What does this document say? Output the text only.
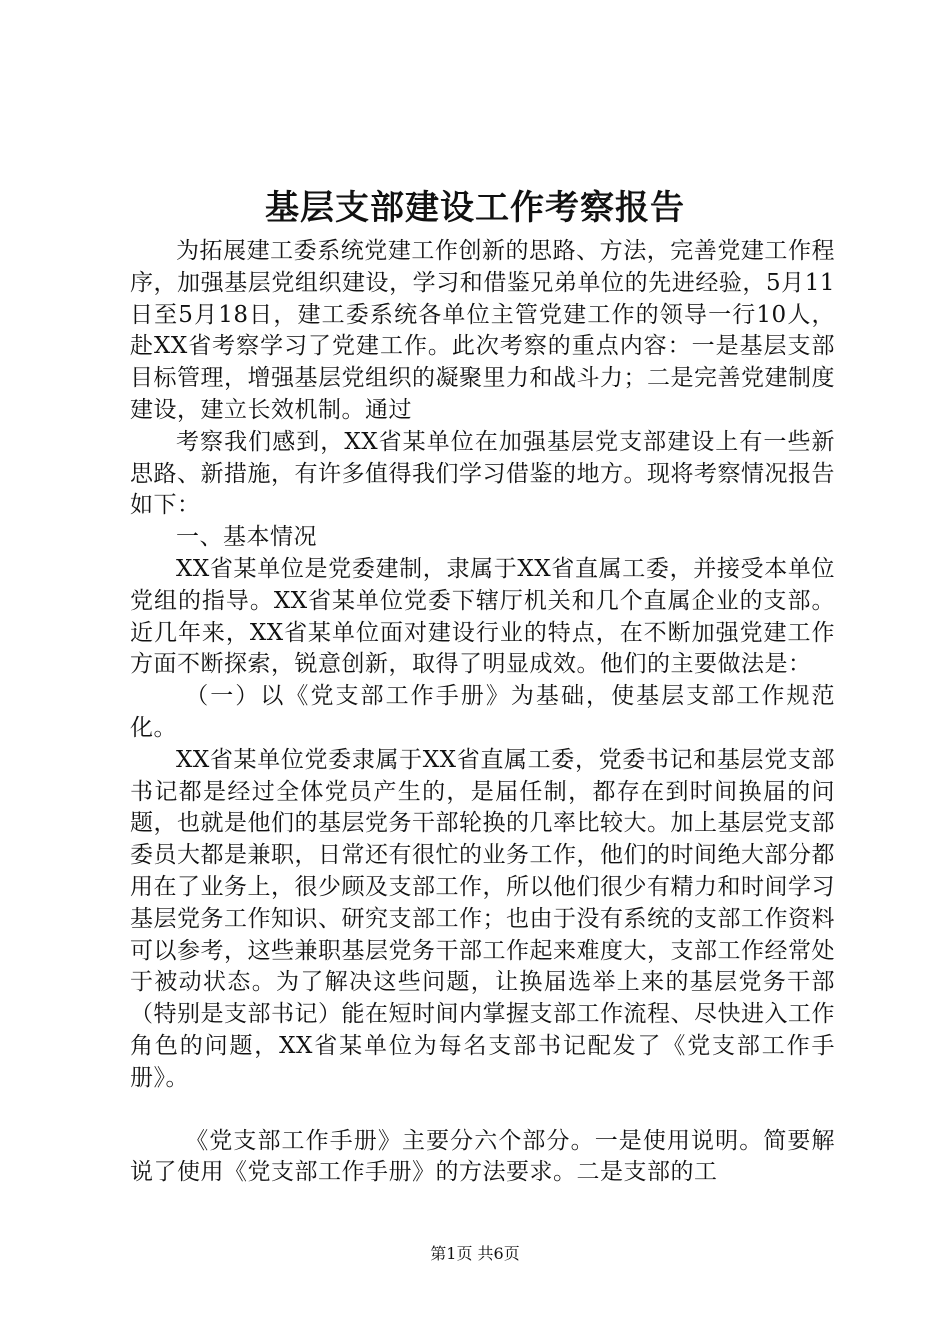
基层支部建设工作考察报告

为拓展建工委系统党建工作创新的思路、方法，完善党建工作程序，加强基层党组织建设，学习和借鉴兄弟单位的先进经验，5月11日至5月18日，建工委系统各单位主管党建工作的领导一行10人，赴XX省考察学习了党建工作。此次考察的重点内容：一是基层支部目标管理，增强基层党组织的凝聚里力和战斗力；二是完善党建制度建设，建立长效机制。通过

考察我们感到，XX省某单位在加强基层党支部建设上有一些新思路、新措施，有许多值得我们学习借鉴的地方。现将考察情况报告如下：

一、基本情况

XX省某单位是党委建制，隶属于XX省直属工委，并接受本单位党组的指导。XX省某单位党委下辖厅机关和几个直属企业的支部。近几年来，XX省某单位面对建设行业的特点，在不断加强党建工作方面不断探索，锐意创新，取得了明显成效。他们的主要做法是：

（一）以《党支部工作手册》为基础，使基层支部工作规范化。

XX省某单位党委隶属于XX省直属工委，党委书记和基层党支部书记都是经过全体党员产生的，是届任制，都存在到时间换届的问题，也就是他们的基层党务干部轮换的几率比较大。加上基层党支部委员大都是兼职，日常还有很忙的业务工作，他们的时间绝大部分都用在了业务上，很少顾及支部工作，所以他们很少有精力和时间学习基层党务工作知识、研究支部工作；也由于没有系统的支部工作资料可以参考，这些兼职基层党务干部工作起来难度大，支部工作经常处于被动状态。为了解决这些问题，让换届选举上来的基层党务干部（特别是支部书记）能在短时间内掌握支部工作流程、尽快进入工作角色的问题，XX省某单位为每名支部书记配发了《党支部工作手册》。

《党支部工作手册》主要分六个部分。一是使用说明。简要解说了使用《党支部工作手册》的方法要求。二是支部的工

第1页 共6页
